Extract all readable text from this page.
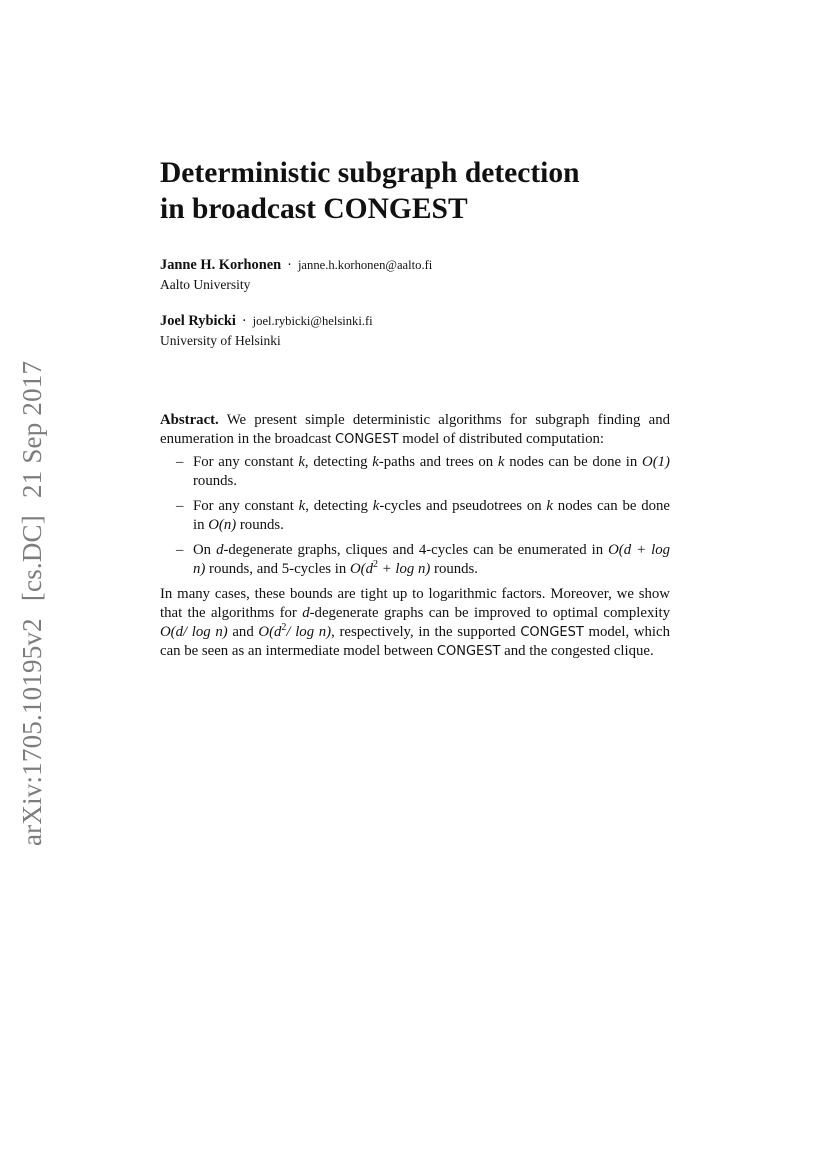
arXiv:1705.10195v2[cs.DC]21 Sep 2017
Deterministic subgraph detection
in broadcast CONGEST
Janne H. Korhonen · janne.h.korhonen@aalto.fi
Aalto University
Joel Rybicki · joel.rybicki@helsinki.fi
University of Helsinki

Abstract. We present simple deterministic algorithms for subgraph finding and enumeration in the broadcast CONGEST model of distributed computation:

– For any constant k, detecting k-paths and trees on k nodes can be done in O(1) rounds.
– For any constant k, detecting k-cycles and pseudotrees on k nodes can be done in O(n) rounds.
– On d-degenerate graphs, cliques and 4-cycles can be enumerated in O(d + log n) rounds, and 5-cycles in $O(d^2 + \log n)$ rounds.

In many cases, these bounds are tight up to logarithmic factors. Moreover, we show that the algorithms for d-degenerate graphs can be improved to optimal complexity O(d/ log n) and $O(d^2/$ log n), respectively, in the supported CONGEST model, which can be seen as an intermediate model between CONGEST and the congested clique.
